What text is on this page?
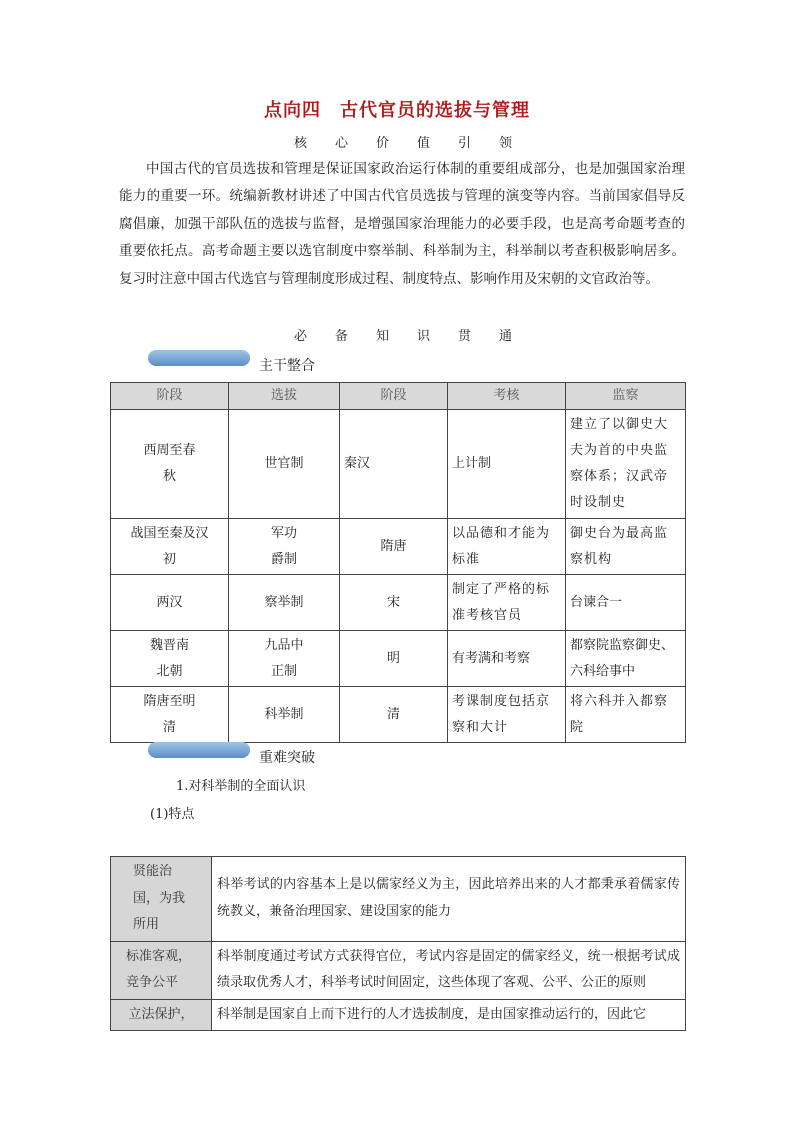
点向四　古代官员的选拔与管理
核心价值引领
中国古代的官员选拔和管理是保证国家政治运行体制的重要组成部分，也是加强国家治理能力的重要一环。统编新教材讲述了中国古代官员选拔与管理的演变等内容。当前国家倡导反腐倡廉，加强干部队伍的选拔与监督，是增强国家治理能力的必要手段，也是高考命题考查的重要依托点。高考命题主要以选官制度中察举制、科举制为主，科举制以考查积极影响居多。复习时注意中国古代选官与管理制度形成过程、制度特点、影响作用及宋朝的文官政治等。
必备知识贯通
主干整合
阶段	选拔	阶段	考核	监察

西周至春秋	世官制	秦汉	上计制	建立了以御史大夫为首的中央监察体系；汉武帝时设制史

战国至秦及汉初	军功爵制	隋唐	以品德和才能为标准	御史台为最高监察机构
两汉	察举制	宋	制定了严格的标准考核官员	台谏合一

魏晋南北朝	九品中正制	明	有考满和考察	都察院监察御史、六科给事中

隋唐至明清	科举制	清	考课制度包括京察和大计	将六科并入都察院
重难突破
1.对科举制的全面认识
(1)特点
贤能治国，为我所用	科举考试的内容基本上是以儒家经义为主，因此培养出来的人才都秉承着儒家传统教义，兼备治理国家、建设国家的能力

标准客观，竞争公平	科举制度通过考试方式获得官位，考试内容是固定的儒家经义，统一根据考试成绩录取优秀人才，科举考试时间固定，这些体现了客观、公平、公正的原则
立法保护，	科举制是国家自上而下进行的人才选拔制度，是由国家推动运行的，因此它
